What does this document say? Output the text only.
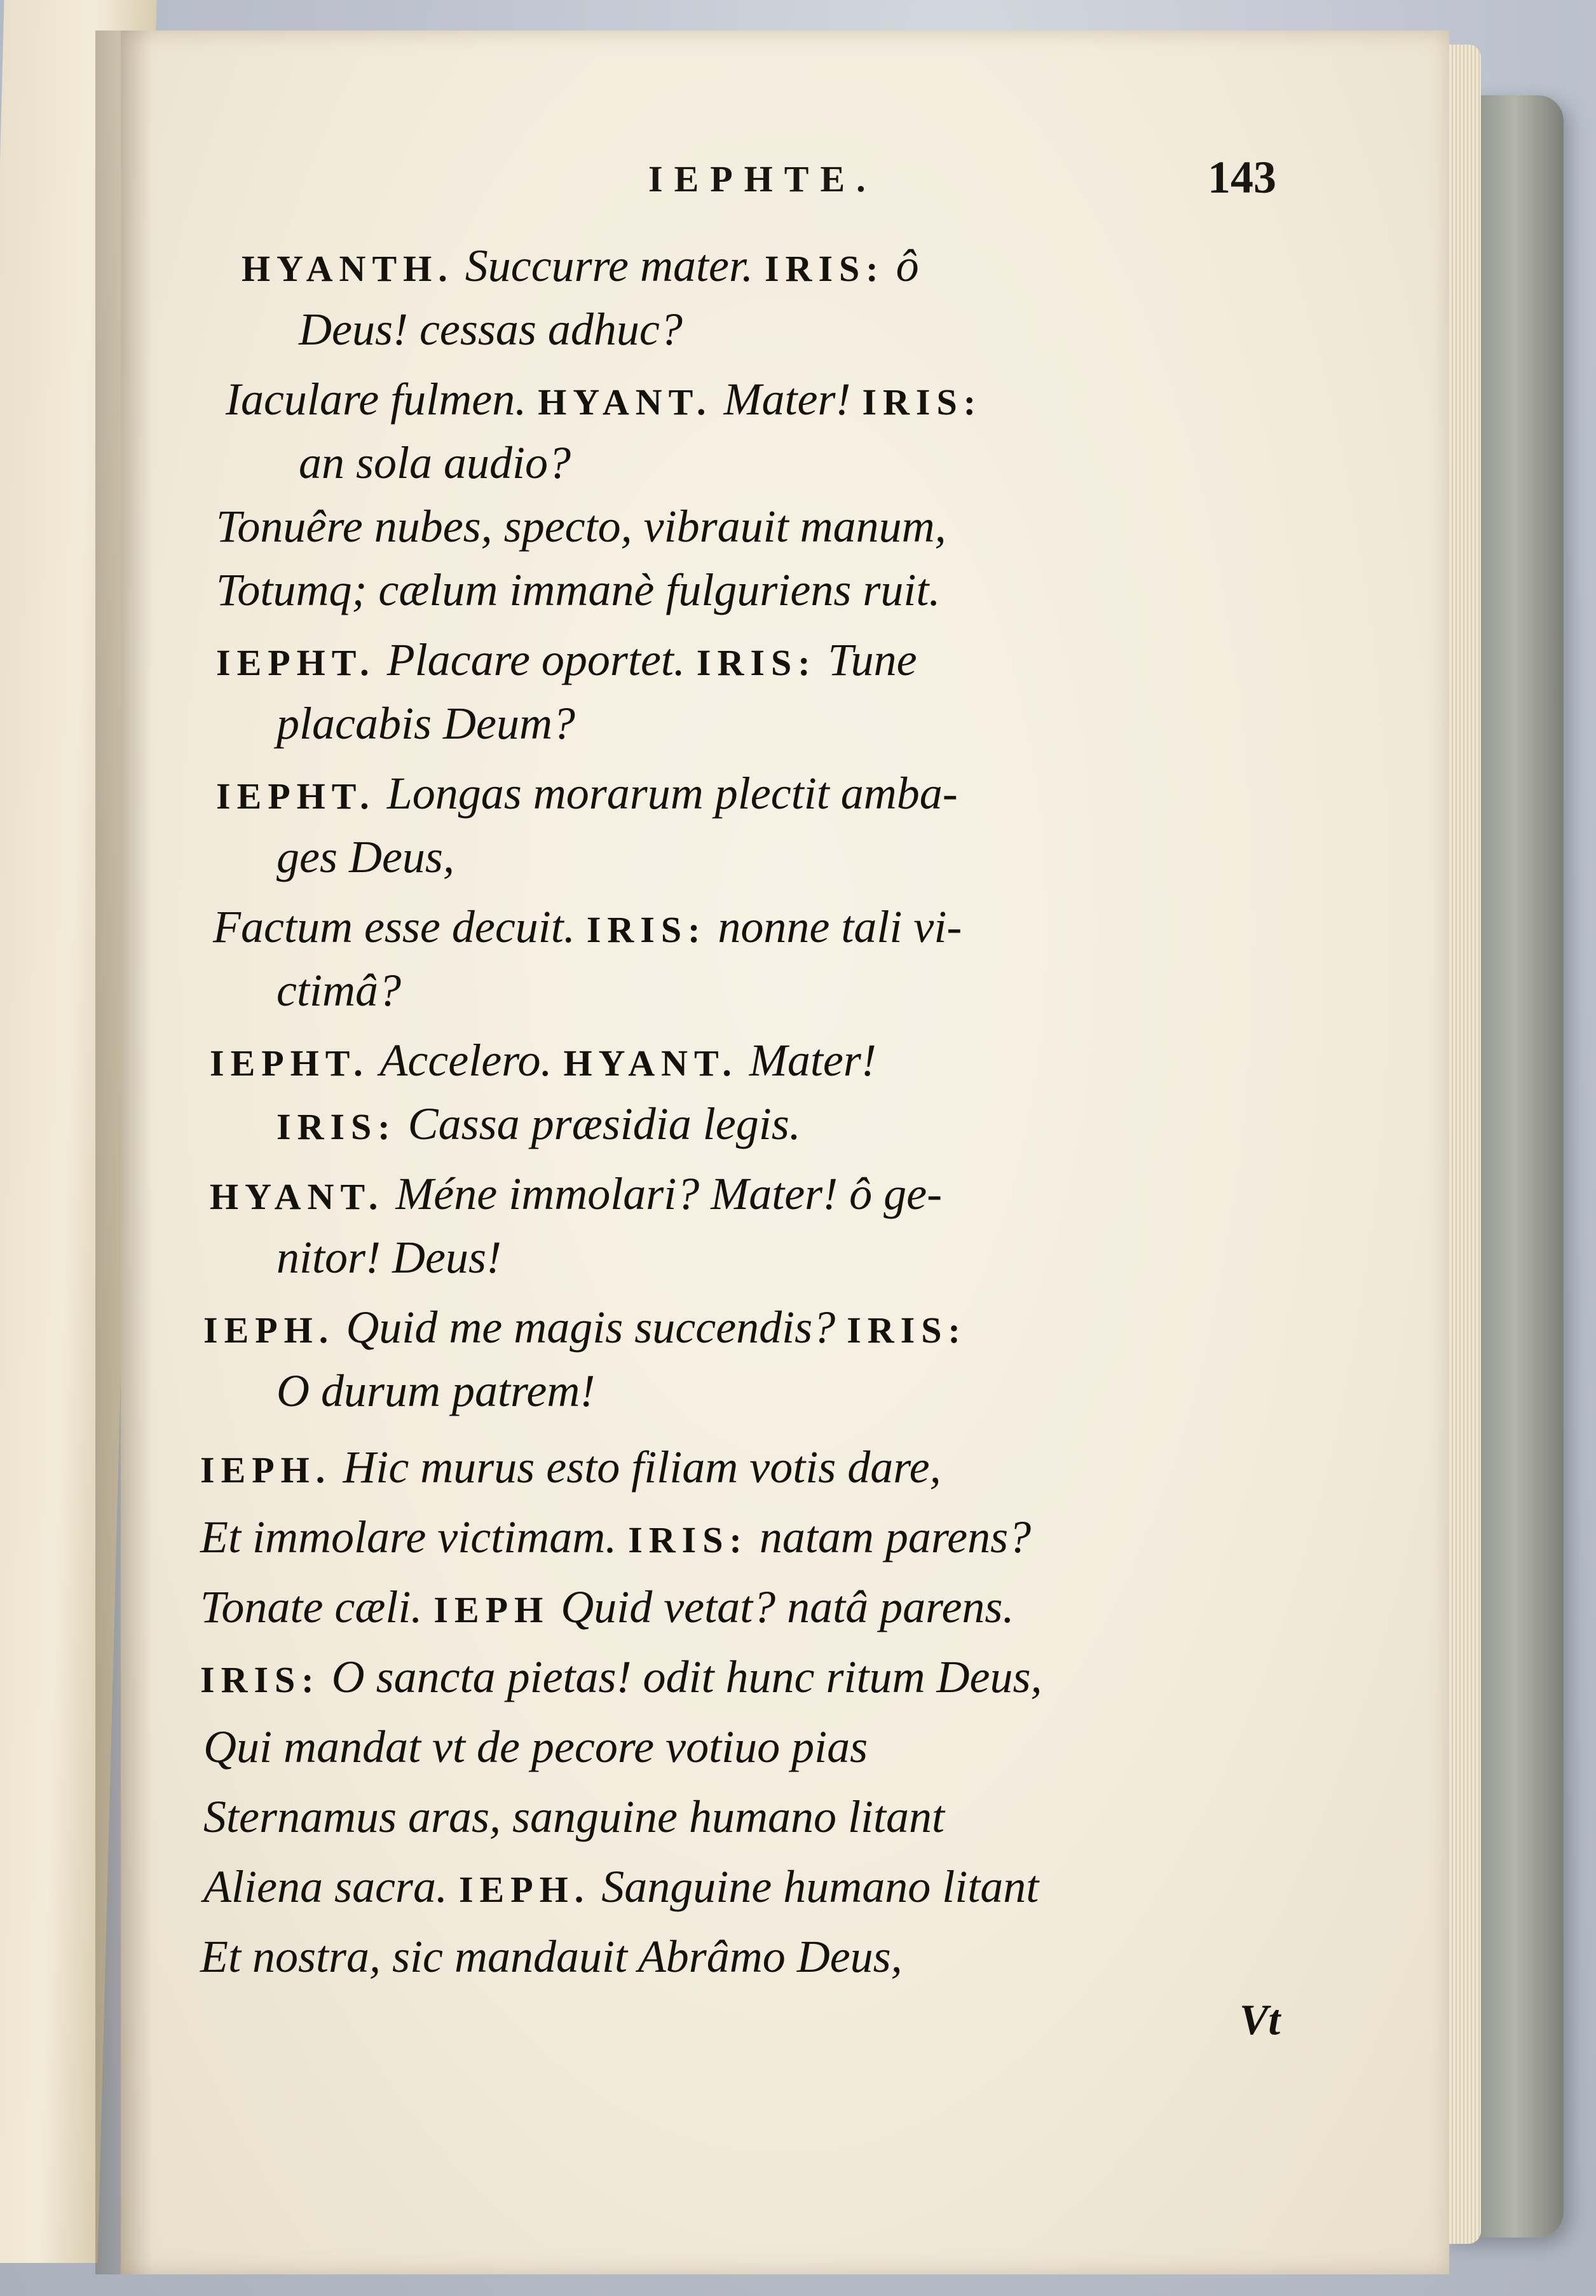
IEPHTE.	143
HYANTH. Succurre mater. IRIS: ô
Deus! cessas adhuc?
Iaculare fulmen. HYANT. Mater! IRIS:
an sola audio?
Tonuêre nubes, specto, vibrauit manum,
Totumq; cælum immanè fulguriens ruit.
IEPHT. Placare oportet. IRIS: Tune
placabis Deum?
IEPHT. Longas morarum plectit amba-
ges Deus,
Factum esse decuit. IRIS: nonne tali vi-
ctimâ?
IEPHT. Accelero. HYANT. Mater!
IRIS: Cassa præsidia legis.
HYANT. Méne immolari? Mater! ô ge-
nitor! Deus!
IEPH. Quid me magis succendis? IRIS:
O durum patrem!
IEPH. Hic murus esto filiam votis dare,
Et immolare victimam. IRIS: natam parens?
Tonate cæli. IEPH Quid vetat? natâ parens.
IRIS: O sancta pietas! odit hunc ritum Deus,
Qui mandat vt de pecore votiuo pias
Sternamus aras, sanguine humano litant
Aliena sacra. IEPH. Sanguine humano litant
Et nostra, sic mandauit Abrâmo Deus,
Vt
